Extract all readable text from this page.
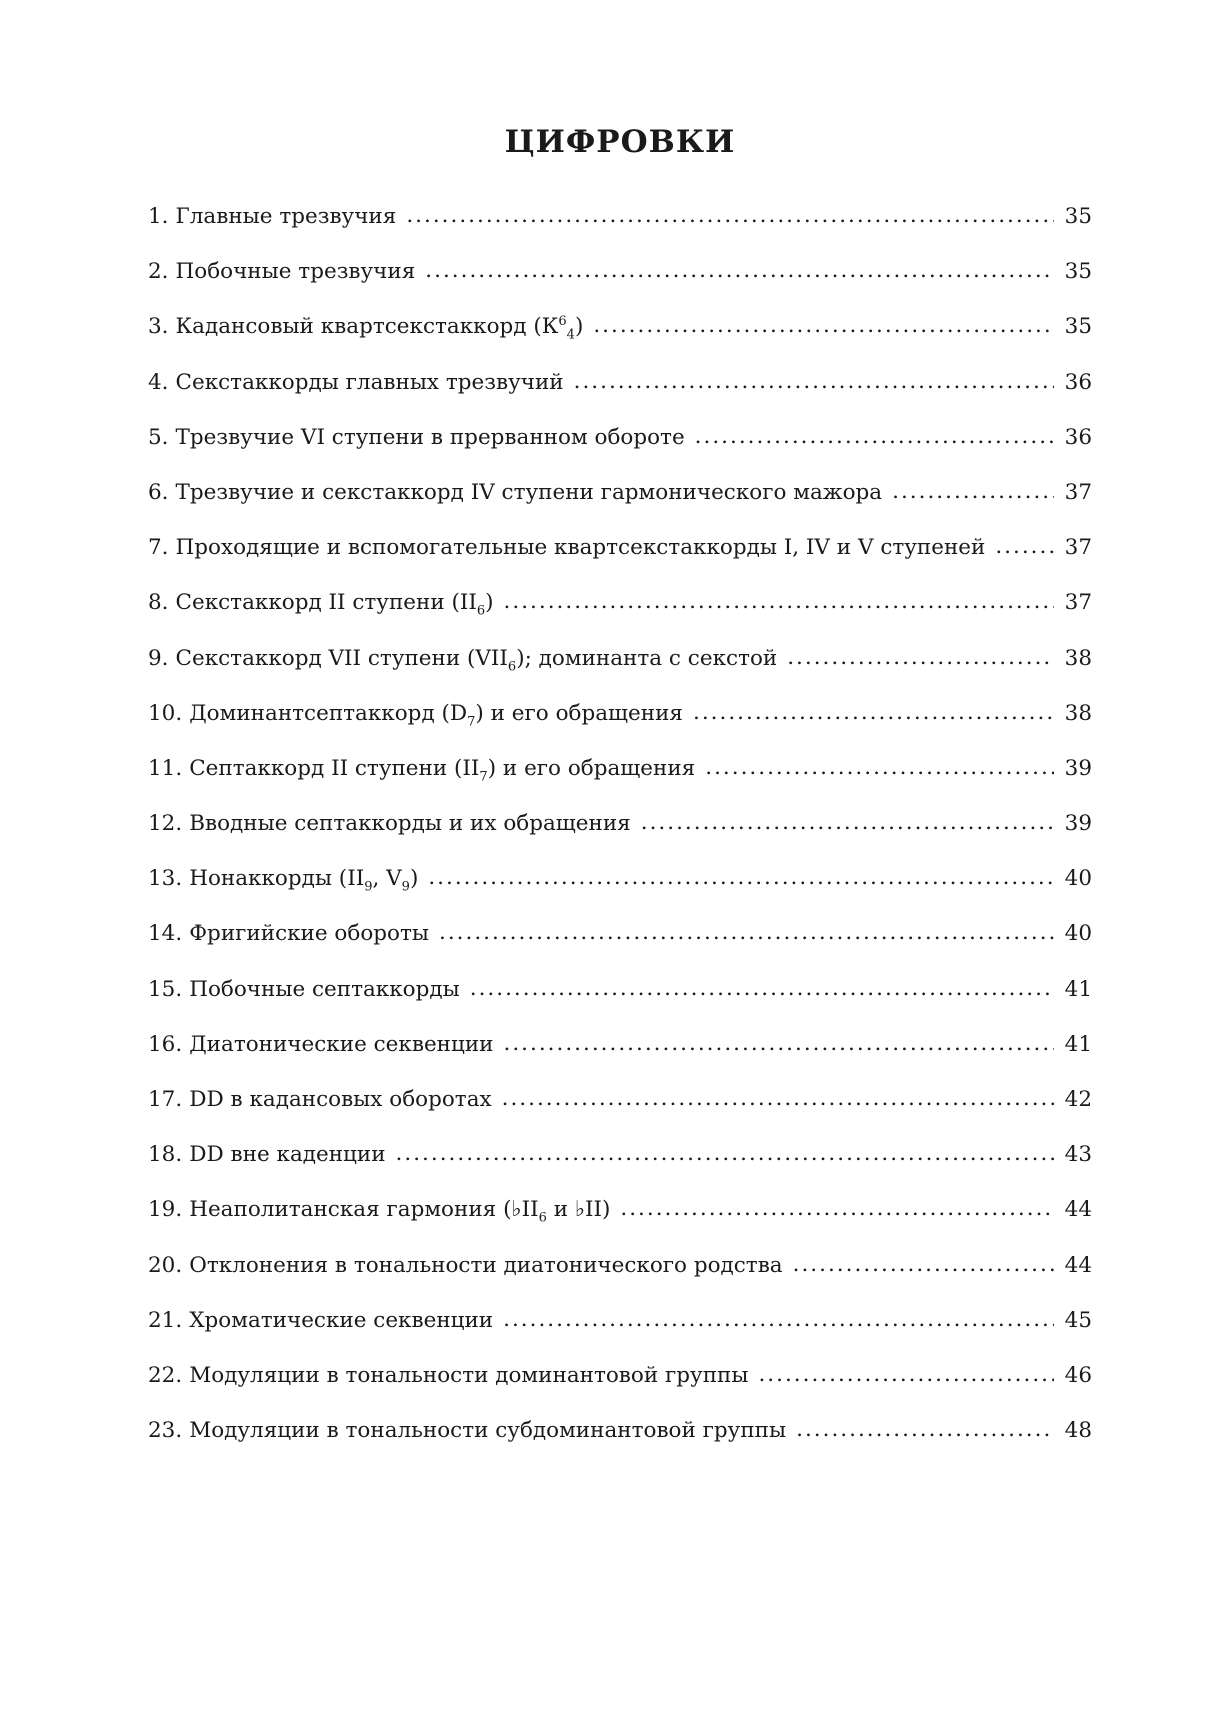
ЦИФРОВКИ
1. Главные трезвучия .....	35
2. Побочные трезвучия .....	35
3. Кадансовый квартсекстаккорд $(К^6_4)$ .....	35
4. Секстаккорды главных трезвучий .....	36
5. Трезвучие VI ступени в прерванном обороте .....	36
6. Трезвучие и секстаккорд IV ступени гармонического мажора .....	37
7. Проходящие и вспомогательные квартсекстаккорды I, IV и V ступеней .....	37
8. Секстаккорд II ступени $(II_6)$ .....	37
9. Секстаккорд VII ступени $(VII_6)$; доминанта с секстой .....	38
10. Доминантсептаккорд $(D_7)$ и его обращения .....	38
11. Септаккорд II ступени $(II_7)$ и его обращения .....	39
12. Вводные септаккорды и их обращения .....	39
13. Нонаккорды ($II_9$, $V_9$) .....	40
14. Фригийские обороты .....	40
15. Побочные септаккорды .....	41
16. Диатонические секвенции .....	41
17. DD в кадансовых оборотах .....	42
18. DD вне каденции .....	43
19. Неаполитанская гармония ($♭II_6$ и ♭II) .....	44
20. Отклонения в тональности диатонического родства .....	44
21. Хроматические секвенции .....	45
22. Модуляции в тональности доминантовой группы .....	46
23. Модуляции в тональности субдоминантовой группы .....	48
